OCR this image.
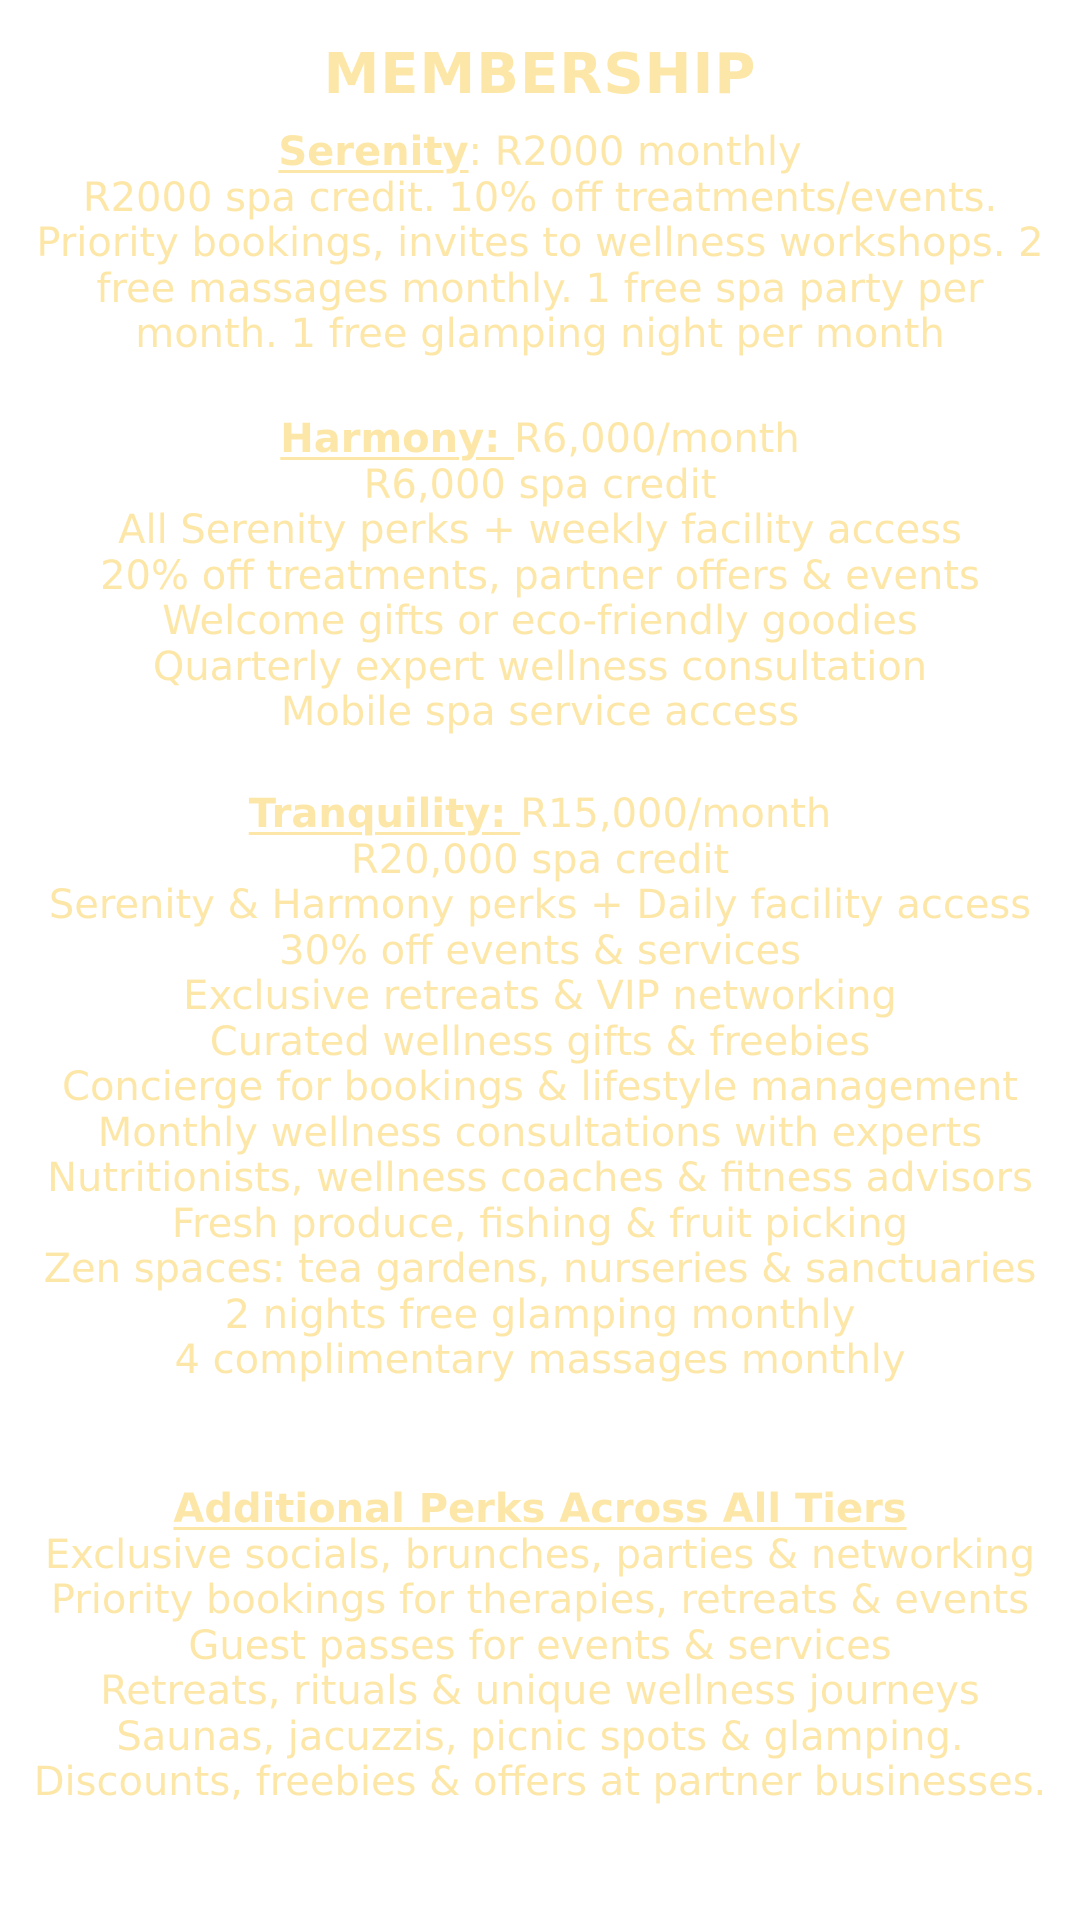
MEMBERSHIP
Serenity: R2000 monthly
R2000 spa credit. 10% off treatments/events.
Priority bookings, invites to wellness workshops. 2
free massages monthly. 1 free spa party per
month. 1 free glamping night per month
Harmony: R6,000/month
R6,000 spa credit
All Serenity perks + weekly facility access
20% off treatments, partner offers & events
Welcome gifts or eco-friendly goodies
Quarterly expert wellness consultation
Mobile spa service access
Tranquility: R15,000/month
R20,000 spa credit
Serenity & Harmony perks + Daily facility access
30% off events & services
Exclusive retreats & VIP networking
Curated wellness gifts & freebies
Concierge for bookings & lifestyle management
Monthly wellness consultations with experts
Nutritionists, wellness coaches & fitness advisors
Fresh produce, fishing & fruit picking
Zen spaces: tea gardens, nurseries & sanctuaries
2 nights free glamping monthly
4 complimentary massages monthly
Additional Perks Across All Tiers
Exclusive socials, brunches, parties & networking
Priority bookings for therapies, retreats & events
Guest passes for events & services
Retreats, rituals & unique wellness journeys
Saunas, jacuzzis, picnic spots & glamping.
Discounts, freebies & offers at partner businesses.
